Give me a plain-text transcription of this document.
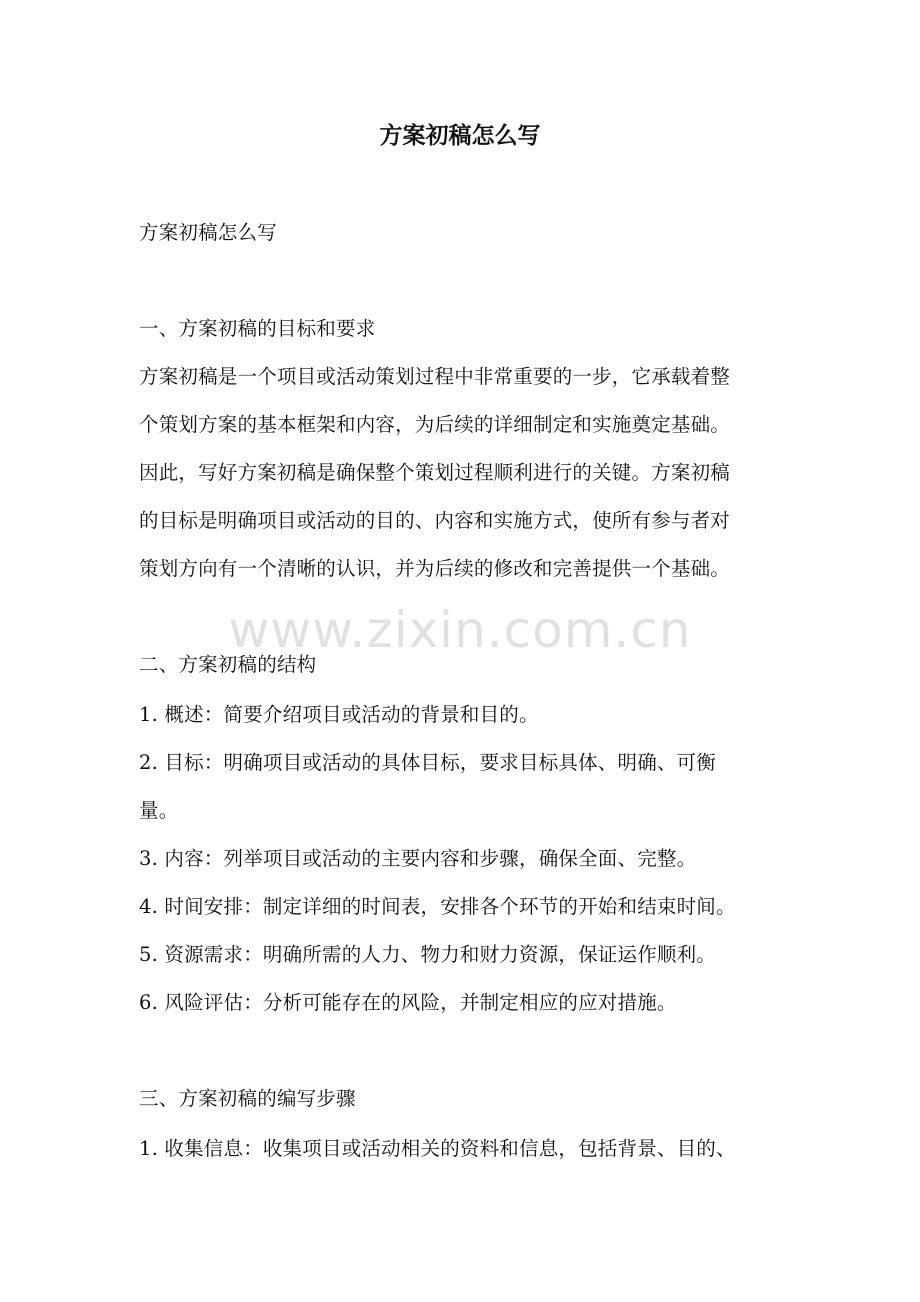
方案初稿怎么写
方案初稿怎么写
一、方案初稿的目标和要求
方案初稿是一个项目或活动策划过程中非常重要的一步，它承载着整
个策划方案的基本框架和内容，为后续的详细制定和实施奠定基础。
因此，写好方案初稿是确保整个策划过程顺利进行的关键。方案初稿
的目标是明确项目或活动的目的、内容和实施方式，使所有参与者对
策划方向有一个清晰的认识，并为后续的修改和完善提供一个基础。
www.zixin.com.cn
二、方案初稿的结构
1. 概述：简要介绍项目或活动的背景和目的。
2. 目标：明确项目或活动的具体目标，要求目标具体、明确、可衡
量。
3. 内容：列举项目或活动的主要内容和步骤，确保全面、完整。
4. 时间安排：制定详细的时间表，安排各个环节的开始和结束时间。
5. 资源需求：明确所需的人力、物力和财力资源，保证运作顺利。
6. 风险评估：分析可能存在的风险，并制定相应的应对措施。
三、方案初稿的编写步骤
1. 收集信息：收集项目或活动相关的资料和信息，包括背景、目的、
